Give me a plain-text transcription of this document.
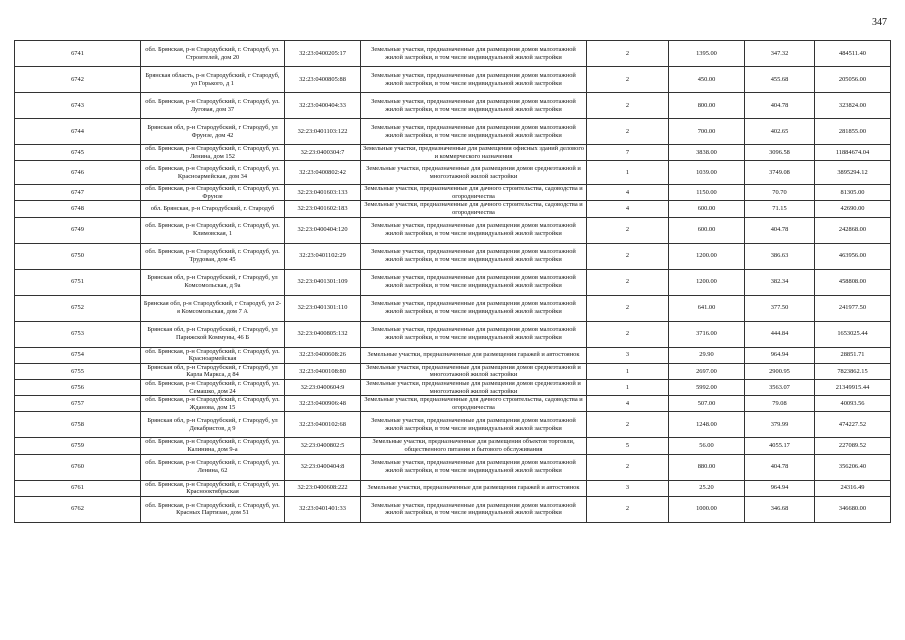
347
6741	обл. Брянская, р-н Стародубский, г. Стародуб, ул. Строителей, дом 20	32:23:0400205:17	Земельные участки, предназначенные для размещения домов малоэтажной жилой застройки, в том числе индивидуальной жилой застройки	2	1395.00	347.32	484511.40
6742	Брянская область, р-н Стародубский, г Стародуб, ул Горького, д 1	32:23:0400805:88	Земельные участки, предназначенные для размещения домов малоэтажной жилой застройки, в том числе индивидуальной жилой застройки	2	450.00	455.68	205056.00
6743	обл. Брянская, р-н Стародубский, г. Стародуб, ул. Луговая, дом 37	32:23:0400404:33	Земельные участки, предназначенные для размещения домов малоэтажной жилой застройки, в том числе индивидуальной жилой застройки	2	800.00	404.78	323824.00
6744	Брянская обл, р-н Стародубский, г Стародуб, ул Фрунзе, дом 42	32:23:0401103:122	Земельные участки, предназначенные для размещения домов малоэтажной жилой застройки, в том числе индивидуальной жилой застройки	2	700.00	402.65	281855.00
6745	обл. Брянская, р-н Стародубский, г. Стародуб, ул. Ленина, дом 152	32:23:0400304:7	Земельные участки, предназначенные для размещения офисных зданий делового и коммерческого назначения	7	3838.00	3096.58	11884674.04
6746	обл. Брянская, р-н Стародубский, г. Стародуб, ул. Красноармейская, дом 34	32:23:0400802:42	Земельные участки, предназначенные для размещения домов среднеэтажной и многоэтажной жилой застройки	1	1039.00	3749.08	3895294.12
6747	обл. Брянская, р-н Стародубский, г. Стародуб, ул. Фрунзе	32:23:0401603:133	Земельные участки, предназначенные для дачного строительства, садоводства и огородничества	4	1150.00	70.70	81305.00
6748	обл. Брянская, р-н Стародубский, г. Стародуб	32:23:0401602:183	Земельные участки, предназначенные для дачного строительства, садоводства и огородничества	4	600.00	71.15	42690.00
6749	обл. Брянская, р-н Стародубский, г. Стародуб, ул. Климовская, 1	32:23:0400404:120	Земельные участки, предназначенные для размещения домов малоэтажной жилой застройки, в том числе индивидуальной жилой застройки	2	600.00	404.78	242868.00
6750	обл. Брянская, р-н Стародубский, г. Стародуб, ул. Трудовая, дом 45	32:23:0401102:29	Земельные участки, предназначенные для размещения домов малоэтажной жилой застройки, в том числе индивидуальной жилой застройки	2	1200.00	386.63	463956.00
6751	Брянская обл, р-н Стародубский, г Стародуб, ул Комсомольская, д 9а	32:23:0401301:109	Земельные участки, предназначенные для размещения домов малоэтажной жилой застройки, в том числе индивидуальной жилой застройки	2	1200.00	382.34	458808.00
6752	Брянская обл, р-н Стародубский, г Стародуб, ул 2-я Комсомольская, дом 7 А	32:23:0401301:110	Земельные участки, предназначенные для размещения домов малоэтажной жилой застройки, в том числе индивидуальной жилой застройки	2	641.00	377.50	241977.50
6753	Брянская обл, р-н Стародубский, г Стародуб, ул Парижской Коммуны, 46 Б	32:23:0400805:132	Земельные участки, предназначенные для размещения домов малоэтажной жилой застройки, в том числе индивидуальной жилой застройки	2	3716.00	444.84	1653025.44
6754	обл. Брянская, р-н Стародубский, г. Стародуб, ул. Красноармейская	32:23:0400608:26	Земельные участки, предназначенные для размещения гаражей и автостоянок	3	29.90	964.94	28851.71
6755	Брянская обл, р-н Стародубский, г Стародуб, ул Карла Маркса, д 84	32:23:0400108:80	Земельные участки, предназначенные для размещения домов среднеэтажной и многоэтажной жилой застройки	1	2697.00	2900.95	7823862.15
6756	обл. Брянская, р-н Стародубский, г. Стародуб, ул. Семашко, дом 24	32:23:0400604:9	Земельные участки, предназначенные для размещения домов среднеэтажной и многоэтажной жилой застройки	1	5992.00	3563.07	21349915.44
6757	обл. Брянская, р-н Стародубский, г. Стародуб, ул. Жданова, дом 15	32:23:0400906:48	Земельные участки, предназначенные для дачного строительства, садоводства и огородничества	4	507.00	79.08	40093.56
6758	Брянская обл, р-н Стародубский, г Стародуб, ул Декабристов, д 9	32:23:0400102:68	Земельные участки, предназначенные для размещения домов малоэтажной жилой застройки, в том числе индивидуальной жилой застройки	2	1248.00	379.99	474227.52
6759	обл. Брянская, р-н Стародубский, г. Стародуб, ул. Калинина, дом 9-а	32:23:0400802:5	Земельные участки, предназначенные для размещения объектов торговли, общественного питания и бытового обслуживания	5	56.00	4055.17	227089.52
6760	обл. Брянская, р-н Стародубский, г. Стародуб, ул. Ленина, 62	32:23:0400404:8	Земельные участки, предназначенные для размещения домов малоэтажной жилой застройки, в том числе индивидуальной жилой застройки	2	880.00	404.78	356206.40
6761	обл. Брянская, р-н Стародубский, г. Стародуб, ул. Краснооктябрьская	32:23:0400608:222	Земельные участки, предназначенные для размещения гаражей и автостоянок	3	25.20	964.94	24316.49
6762	обл. Брянская, р-н Стародубский, г. Стародуб, ул. Красных Партизан, дом 51	32:23:0401401:33	Земельные участки, предназначенные для размещения домов малоэтажной жилой застройки, в том числе индивидуальной жилой застройки	2	1000.00	346.68	346680.00
